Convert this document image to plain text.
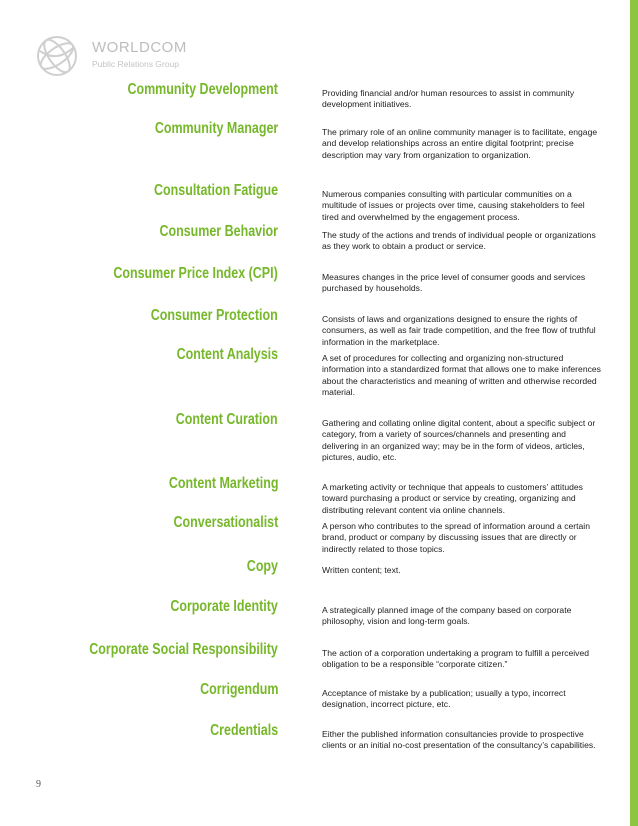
WORLDCOM
Public Relations Group
Community Development	Providing financial and/or human resources to assist in community development initiatives.
Community Manager	The primary role of an online community manager is to facilitate, engage and develop relationships across an entire digital footprint; precise description may vary from organization to organization.
Consultation Fatigue	Numerous companies consulting with particular communities on a multitude of issues or projects over time, causing stakeholders to feel tired and overwhelmed by the engagement process.
Consumer Behavior	The study of the actions and trends of individual people or organizations as they work to obtain a product or service.
Consumer Price Index (CPI)	Measures changes in the price level of consumer goods and services purchased by households.
Consumer Protection	Consists of laws and organizations designed to ensure the rights of consumers, as well as fair trade competition, and the free flow of truthful information in the marketplace.
Content Analysis	A set of procedures for collecting and organizing non-structured information into a standardized format that allows one to make inferences about the characteristics and meaning of written and otherwise recorded material.
Content Curation	Gathering and collating online digital content, about a specific subject or category, from a variety of sources/channels and presenting and delivering in an organized way; may be in the form of videos, articles, pictures, audio, etc.
Content Marketing	A marketing activity or technique that appeals to customers’ attitudes toward purchasing a product or service by creating, organizing and distributing relevant content via online channels.
Conversationalist	A person who contributes to the spread of information around a certain brand, product or company by discussing issues that are directly or indirectly related to those topics.
Copy	Written content; text.
Corporate Identity	A strategically planned image of the company based on corporate philosophy, vision and long-term goals.
Corporate Social Responsibility	The action of a corporation undertaking a program to fulfill a perceived obligation to be a responsible “corporate citizen.”
Corrigendum	Acceptance of mistake by a publication; usually a typo, incorrect designation, incorrect picture, etc.
Credentials	Either the published information consultancies provide to prospective clients or an initial no-cost presentation of the consultancy’s capabilities.
9
